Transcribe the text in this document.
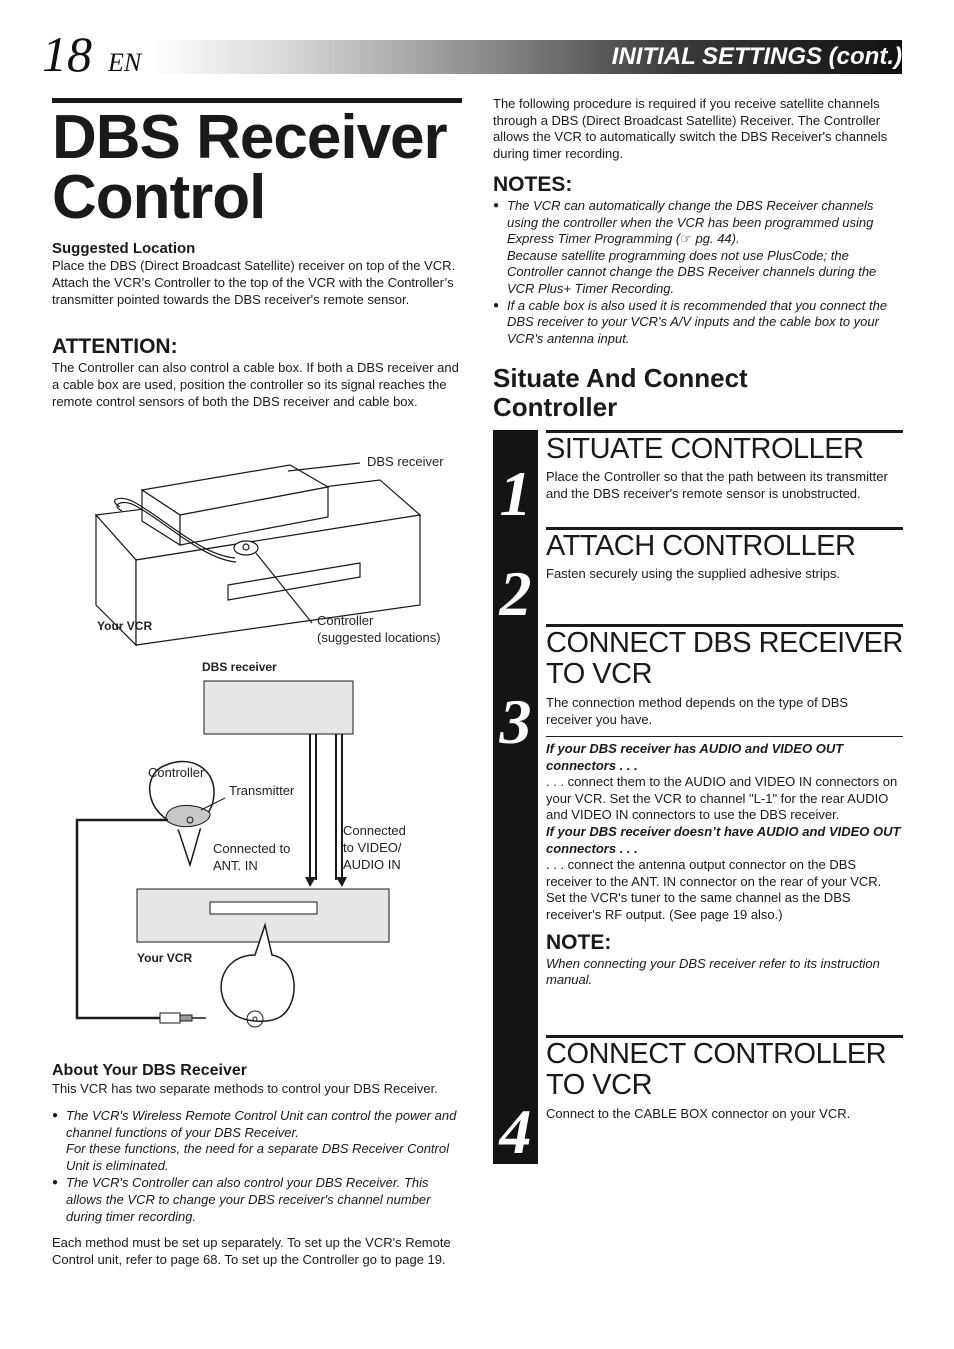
18 EN	INITIAL SETTINGS (cont.)
DBS Receiver
Control
Suggested Location
Place the DBS (Direct Broadcast Satellite) receiver on top of the VCR. Attach the VCR's Controller to the top of the VCR with the Controller’s transmitter pointed towards the DBS receiver's remote sensor.
ATTENTION:
The Controller can also control a cable box. If both a DBS receiver and a cable box are used, position the controller so its signal reaches the remote control sensors of both the DBS receiver and cable box.
DBS receiver
Your VCR	Controller
(suggested locations)
DBS receiver
Controller
Transmitter
Connected to
ANT. IN
Connected
to VIDEO/
AUDIO IN
Your VCR
About Your DBS Receiver
This VCR has two separate methods to control your DBS Receiver.
● The VCR's Wireless Remote Control Unit can control the power and channel functions of your DBS Receiver.
For these functions, the need for a separate DBS Receiver Control Unit is eliminated.
● The VCR's Controller can also control your DBS Receiver. This allows the VCR to change your DBS receiver's channel number during timer recording.
Each method must be set up separately. To set up the VCR's Remote Control unit, refer to page 68. To set up the Controller go to page 19.
The following procedure is required if you receive satellite channels through a DBS (Direct Broadcast Satellite) Receiver. The Controller allows the VCR to automatically switch the DBS Receiver's channels during timer recording.
NOTES:
● The VCR can automatically change the DBS Receiver channels using the controller when the VCR has been programmed using Express Timer Programming (☞ pg. 44).
Because satellite programming does not use PlusCode; the Controller cannot change the DBS Receiver channels during the VCR Plus+ Timer Recording.
● If a cable box is also used it is recommended that you connect the DBS receiver to your VCR's A/V inputs and the cable box to your VCR's antenna input.
Situate And Connect
Controller
1
2
3
4
SITUATE CONTROLLER
Place the Controller so that the path between its transmitter and the DBS receiver's remote sensor is unobstructed.
ATTACH CONTROLLER
Fasten securely using the supplied adhesive strips.
CONNECT DBS RECEIVER
TO VCR
The connection method depends on the type of DBS receiver you have.
If your DBS receiver has AUDIO and VIDEO OUT connectors . . .
. . . connect them to the AUDIO and VIDEO IN connectors on your VCR. Set the VCR to channel "L-1" for the rear AUDIO and VIDEO IN connectors to use the DBS receiver.
If your DBS receiver doesn’t have AUDIO and VIDEO OUT connectors . . .
. . . connect the antenna output connector on the DBS receiver to the ANT. IN connector on the rear of your VCR.
Set the VCR's tuner to the same channel as the DBS receiver's RF output. (See page 19 also.)
NOTE:
When connecting your DBS receiver refer to its instruction manual.
CONNECT CONTROLLER
TO VCR
Connect to the CABLE BOX connector on your VCR.
